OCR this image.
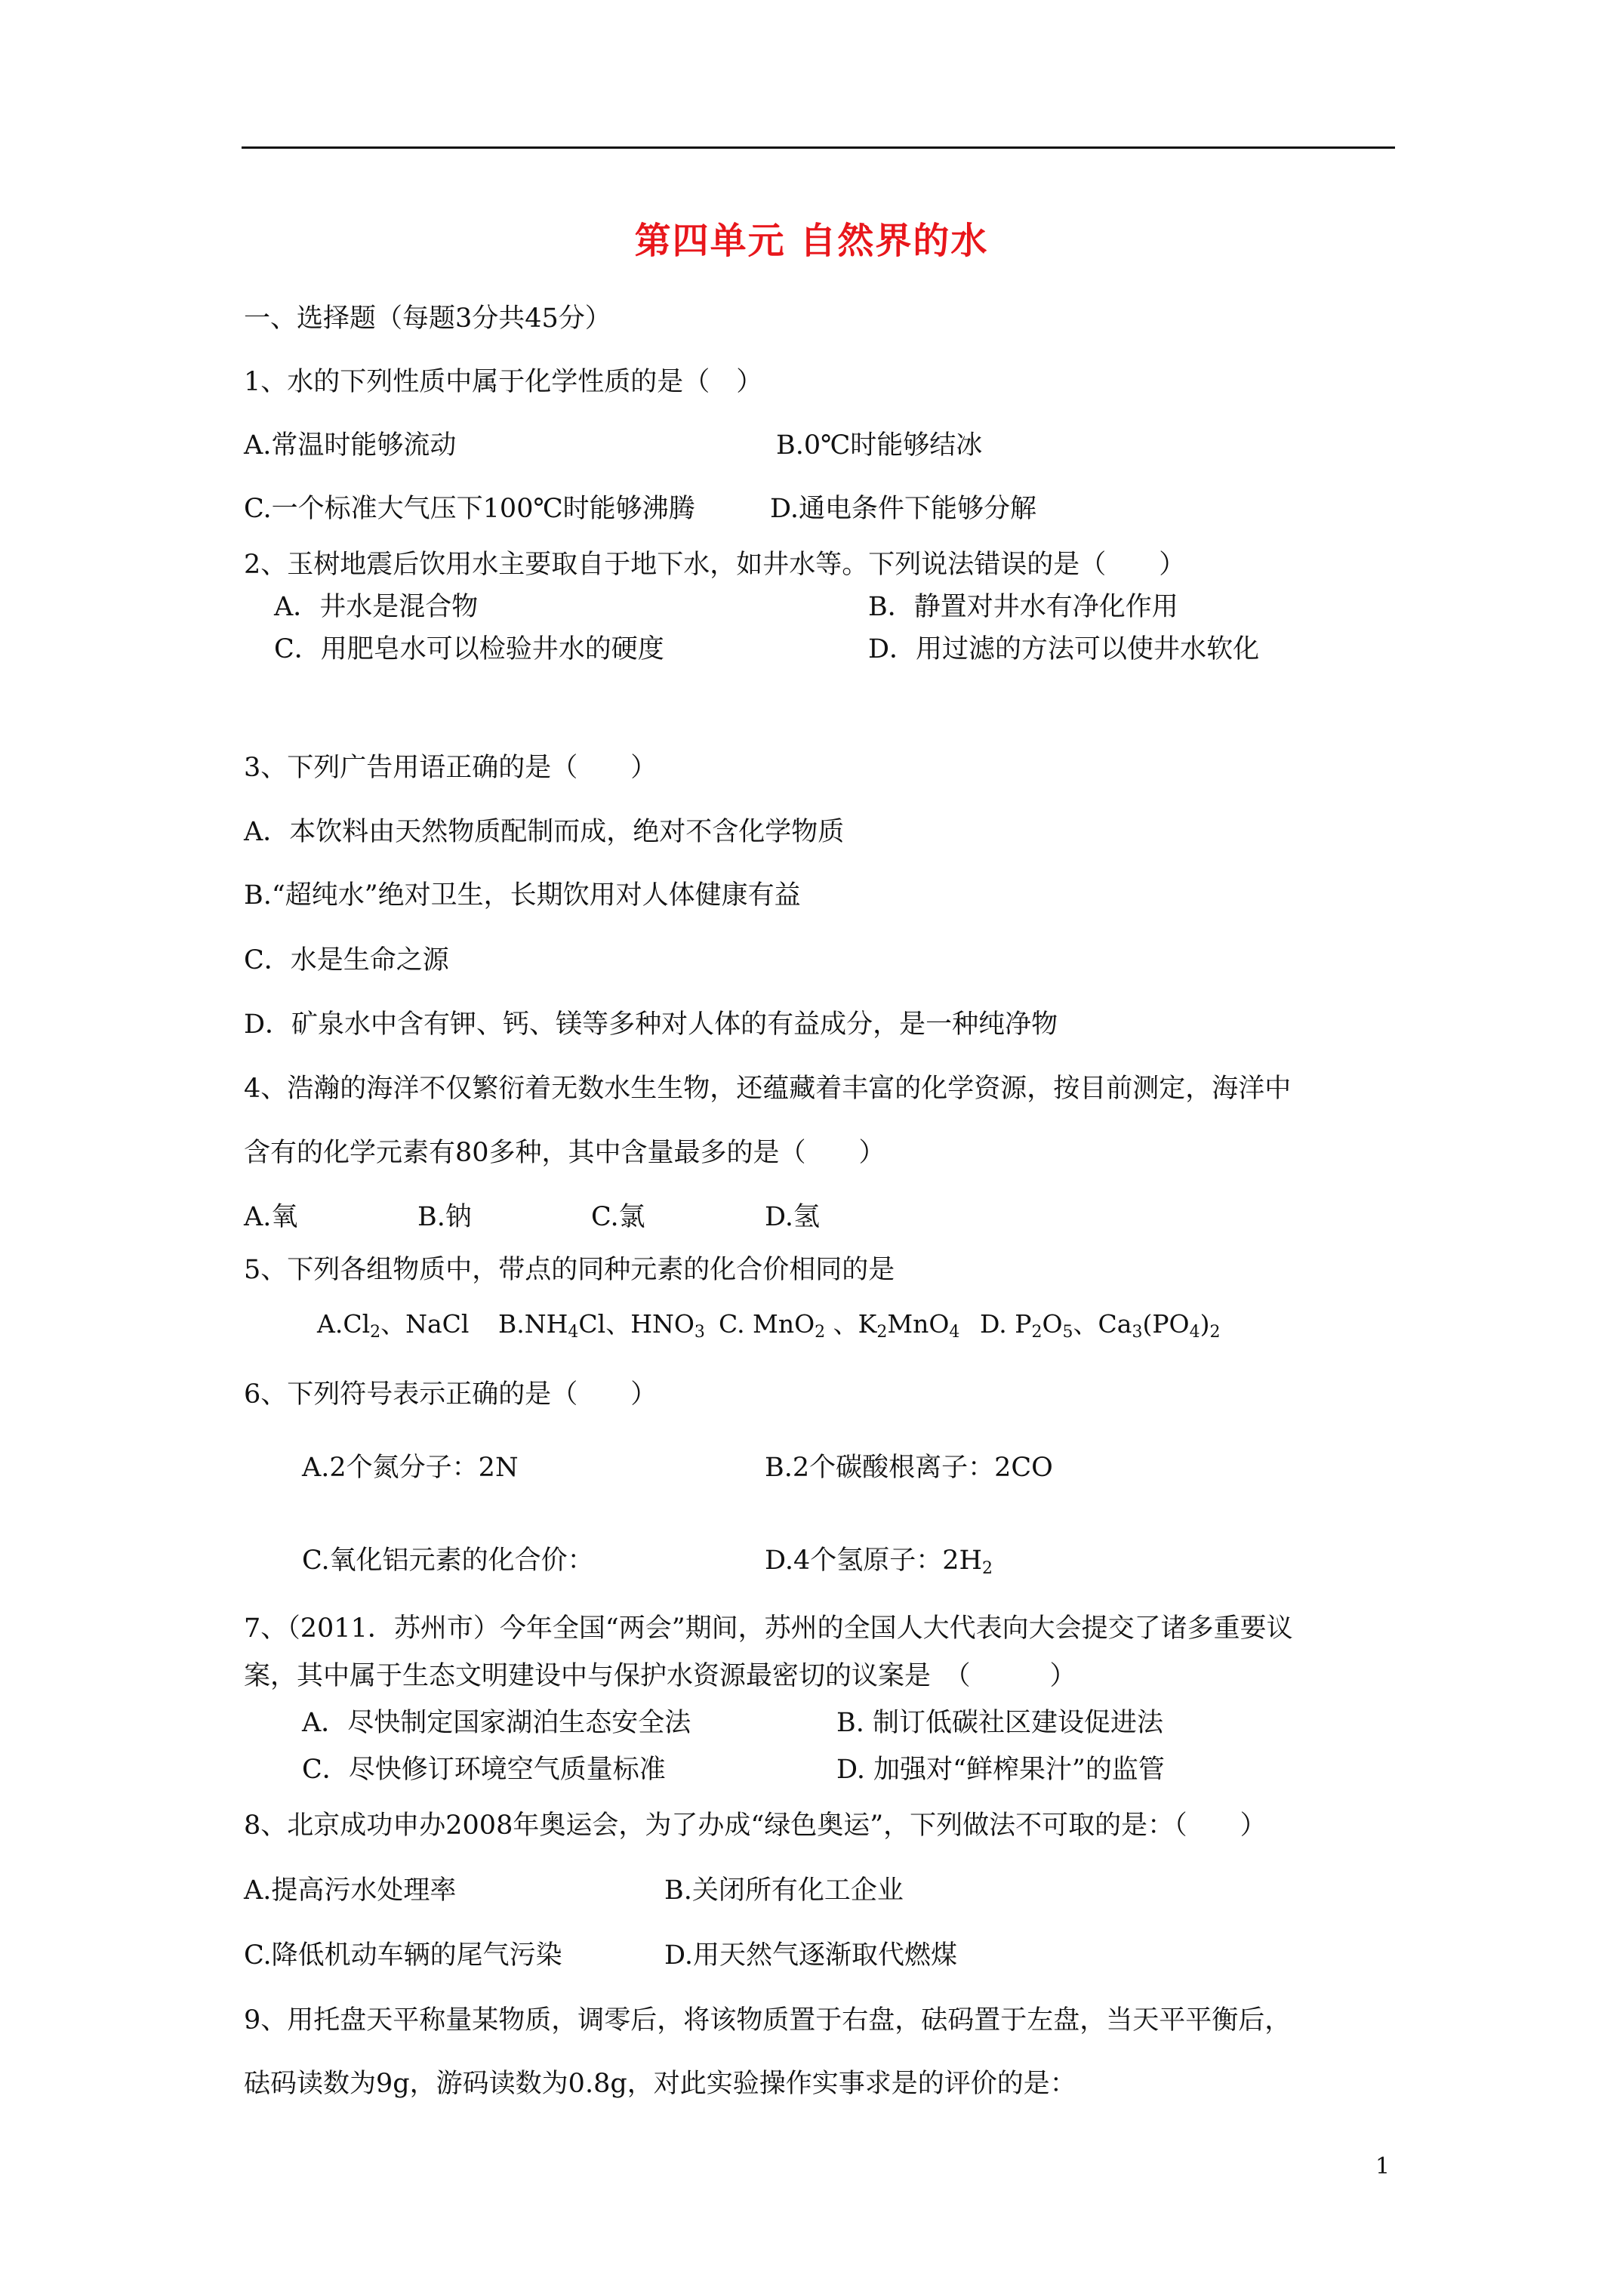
第四单元 自然界的水
一、选择题（每题3分共45分）
1、水的下列性质中属于化学性质的是（　）
A.常温时能够流动	B.0℃时能够结冰
C.一个标准大气压下100℃时能够沸腾	D.通电条件下能够分解
2、玉树地震后饮用水主要取自于地下水，如井水等。下列说法错误的是（　　）
A．井水是混合物	B．静置对井水有净化作用
C．用肥皂水可以检验井水的硬度	D．用过滤的方法可以使井水软化
3、下列广告用语正确的是（　　）
A．本饮料由天然物质配制而成，绝对不含化学物质
B.“超纯水”绝对卫生，长期饮用对人体健康有益
C．水是生命之源
D．矿泉水中含有钾、钙、镁等多种对人体的有益成分，是一种纯净物
4、浩瀚的海洋不仅繁衍着无数水生生物，还蕴藏着丰富的化学资源，按目前测定，海洋中
含有的化学元素有80多种，其中含量最多的是（　　）
A.氧	B.钠	C.氯	D.氢
5、下列各组物质中，带点的同种元素的化合价相同的是
$A.Cl_2$、NaCl $B.NH_4Cl$、$HNO_3$ C. MnO$_2$ 、$K_2MnO_4$ D. $P_2O_5$、$Ca_3(PO_4)_2$
6、下列符号表示正确的是（　　）
A.2个氮分子：2N	B.2个碳酸根离子：2CO
C.氧化铝元素的化合价：	D.4个氢原子：$2H_2$
7、（2011．苏州市）今年全国“两会”期间，苏州的全国人大代表向大会提交了诸多重要议
案，其中属于生态文明建设中与保护水资源最密切的议案是　（　　　）
A．尽快制定国家湖泊生态安全法	B. 制订低碳社区建设促进法
C．尽快修订环境空气质量标准	D. 加强对“鲜榨果汁”的监管
8、北京成功申办2008年奥运会，为了办成“绿色奥运”，下列做法不可取的是：（　　）
A.提高污水处理率	B.关闭所有化工企业
C.降低机动车辆的尾气污染	D.用天然气逐渐取代燃煤
9、用托盘天平称量某物质，调零后，将该物质置于右盘，砝码置于左盘，当天平平衡后，
砝码读数为9g，游码读数为0.8g，对此实验操作实事求是的评价的是：
1
